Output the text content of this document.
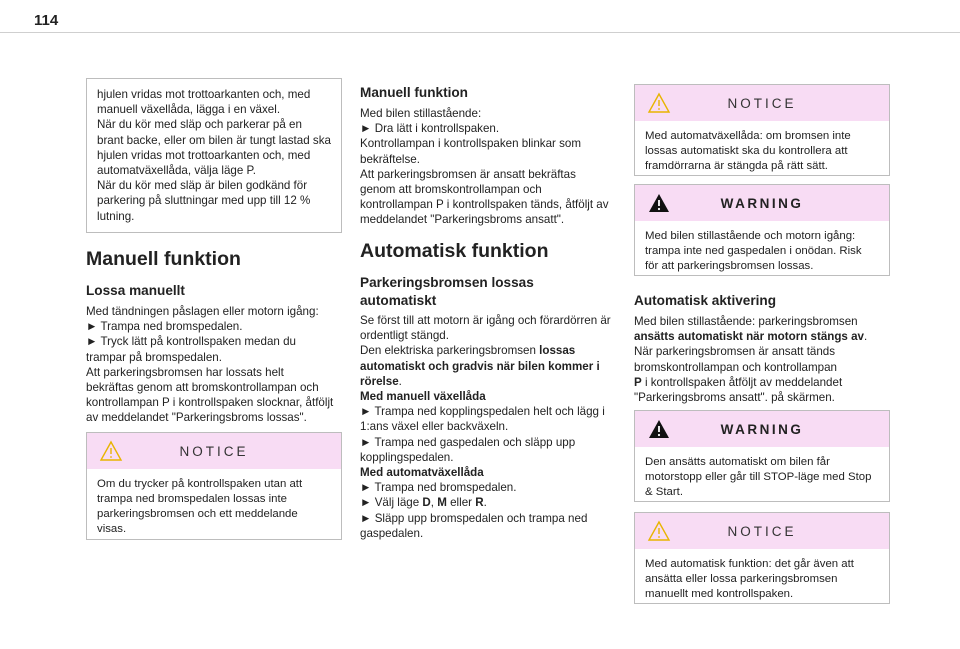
114

hjulen vridas mot trottoarkanten och, med

manuell växellåda, lägga i en växel.

När du kör med släp och parkerar på en

brant backe, eller om bilen är tungt lastad ska

hjulen vridas mot trottoarkanten och, med

automatväxellåda, välja läge P.

När du kör med släp är bilen godkänd för

parkering på sluttningar med upp till 12 %

lutning.

Manuell funktion
Lossa manuellt

Med tändningen påslagen eller motorn igång:

► Trampa ned bromspedalen.

► Tryck lätt på kontrollspaken medan du

trampar på bromspedalen.

Att parkeringsbromsen har lossats helt

bekräftas genom att bromskontrollampan och

kontrollampan P i kontrollspaken slocknar, åtföljt

av meddelandet "Parkeringsbroms lossas".

NOTICE

Om du trycker på kontrollspaken utan att

trampa ned bromspedalen lossas inte

parkeringsbromsen och ett meddelande

visas.

Manuell funktion

Med bilen stillastående:

► Dra lätt i kontrollspaken.

Kontrollampan i kontrollspaken blinkar som

bekräftelse.

Att parkeringsbromsen är ansatt bekräftas

genom att bromskontrollampan och

kontrollampan P i kontrollspaken tänds, åtföljt av

meddelandet "Parkeringsbroms ansatt".

Automatisk funktion
Parkeringsbromsen lossas
automatiskt

Se först till att motorn är igång och förardörren är

ordentligt stängd.

Den elektriska parkeringsbromsen lossas

automatiskt och gradvis när bilen kommer i

rörelse.

Med manuell växellåda

► Trampa ned kopplingspedalen helt och lägg i

1:ans växel eller backväxeln.

► Trampa ned gaspedalen och släpp upp

kopplingspedalen.

Med automatväxellåda

► Trampa ned bromspedalen.

► Välj läge D, M eller R.

► Släpp upp bromspedalen och trampa ned

gaspedalen.

NOTICE

Med automatväxellåda: om bromsen inte

lossas automatiskt ska du kontrollera att

framdörrarna är stängda på rätt sätt.

WARNING

Med bilen stillastående och motorn igång:

trampa inte ned gaspedalen i onödan. Risk

för att parkeringsbromsen lossas.

Automatisk aktivering

Med bilen stillastående: parkeringsbromsen

ansätts automatiskt när motorn stängs av.

När parkeringsbromsen är ansatt tänds

bromskontrollampan och kontrollampan

P i kontrollspaken åtföljt av meddelandet

"Parkeringsbroms ansatt". på skärmen.

WARNING

Den ansätts automatiskt om bilen får

motorstopp eller går till STOP-läge med Stop

& Start.

NOTICE

Med automatisk funktion: det går även att

ansätta eller lossa parkeringsbromsen

manuellt med kontrollspaken.
